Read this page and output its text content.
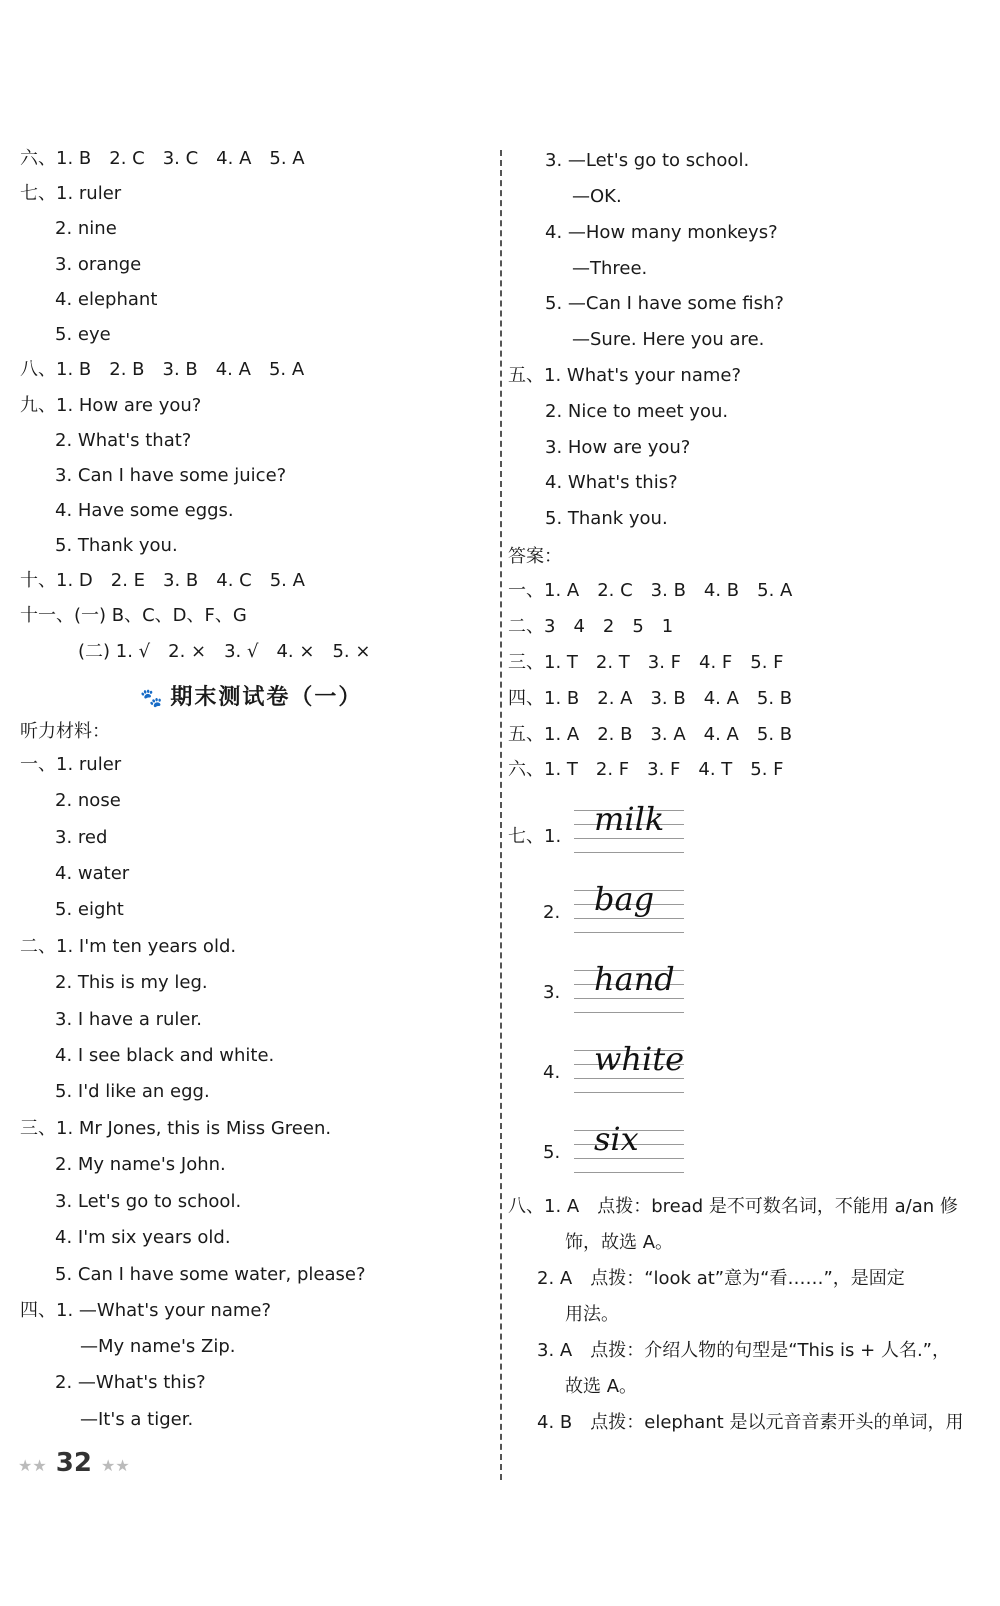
🐾 期末测试卷（一）
七、1. milk
2. bag
3. hand
4. white
5. six
★★ 32 ★★
六、1. B　2. C　3. C　4. A　5. A
七、1. ruler
2. nine
3. orange
4. elephant
5. eye
八、1. B　2. B　3. B　4. A　5. A
九、1. How are you?
2. What's that?
3. Can I have some juice?
4. Have some eggs.
5. Thank you.
十、1. D　2. E　3. B　4. C　5. A
十一、(一) B、C、D、F、G
(二) 1. √　2. ×　3. √　4. ×　5. ×
听力材料：
一、1. ruler
2. nose
3. red
4. water
5. eight
二、1. I'm ten years old.
2. This is my leg.
3. I have a ruler.
4. I see black and white.
5. I'd like an egg.
三、1. Mr Jones, this is Miss Green.
2. My name's John.
3. Let's go to school.
4. I'm six years old.
5. Can I have some water, please?
四、1. —What's your name?
—My name's Zip.
2. —What's this?
—It's a tiger.
3. —Let's go to school.
—OK.
4. —How many monkeys?
—Three.
5. —Can I have some fish?
—Sure. Here you are.
五、1. What's your name?
2. Nice to meet you.
3. How are you?
4. What's this?
5. Thank you.
答案：
一、1. A　2. C　3. B　4. B　5. A
二、3　4　2　5　1
三、1. T　2. T　3. F　4. F　5. F
四、1. B　2. A　3. B　4. A　5. B
五、1. A　2. B　3. A　4. A　5. B
六、1. T　2. F　3. F　4. T　5. F
八、1. A　点拨：bread 是不可数名词，不能用 a/an 修
饰，故选 A。
2. A　点拨：“look at”意为“看……”，是固定
用法。
3. A　点拨：介绍人物的句型是“This is + 人名.”，
故选 A。
4. B　点拨：elephant 是以元音音素开头的单词，用
